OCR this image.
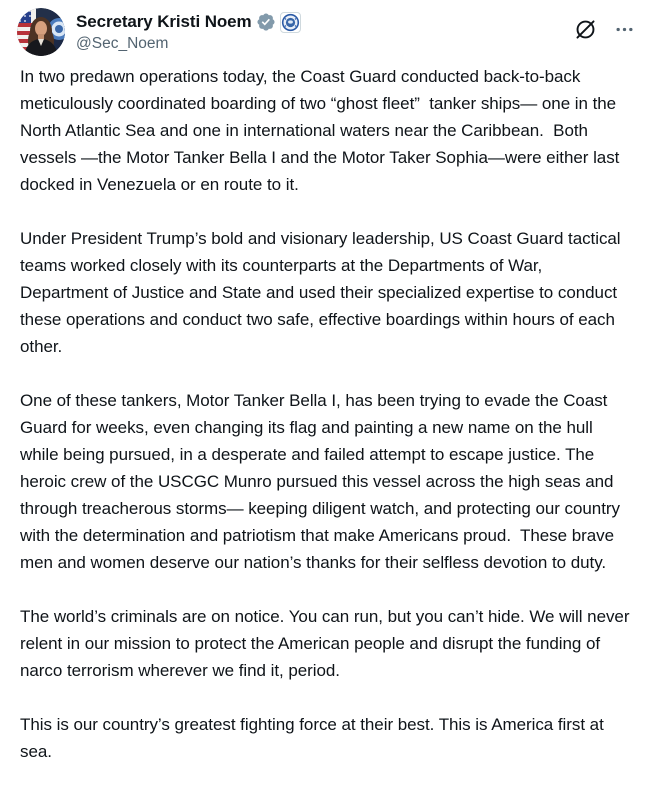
Secretary Kristi Noem
@Sec_Noem

In two predawn operations today, the Coast Guard conducted back-to-back meticulously coordinated boarding of two “ghost fleet”  tanker ships— one in the North Atlantic Sea and one in international waters near the Caribbean.  Both vessels —the Motor Tanker Bella I and the Motor Taker Sophia—were either last docked in Venezuela or en route to it.

Under President Trump’s bold and visionary leadership, US Coast Guard tactical teams worked closely with its counterparts at the Departments of War, Department of Justice and State and used their specialized expertise to conduct these operations and conduct two safe, effective boardings within hours of each other.

One of these tankers, Motor Tanker Bella I, has been trying to evade the Coast Guard for weeks, even changing its flag and painting a new name on the hull while being pursued, in a desperate and failed attempt to escape justice. The heroic crew of the USCGC Munro pursued this vessel across the high seas and through treacherous storms— keeping diligent watch, and protecting our country with the determination and patriotism that make Americans proud.  These brave men and women deserve our nation’s thanks for their selfless devotion to duty.

The world’s criminals are on notice. You can run, but you can’t hide. We will never relent in our mission to protect the American people and disrupt the funding of narco terrorism wherever we find it, period.

This is our country’s greatest fighting force at their best. This is America first at sea.
